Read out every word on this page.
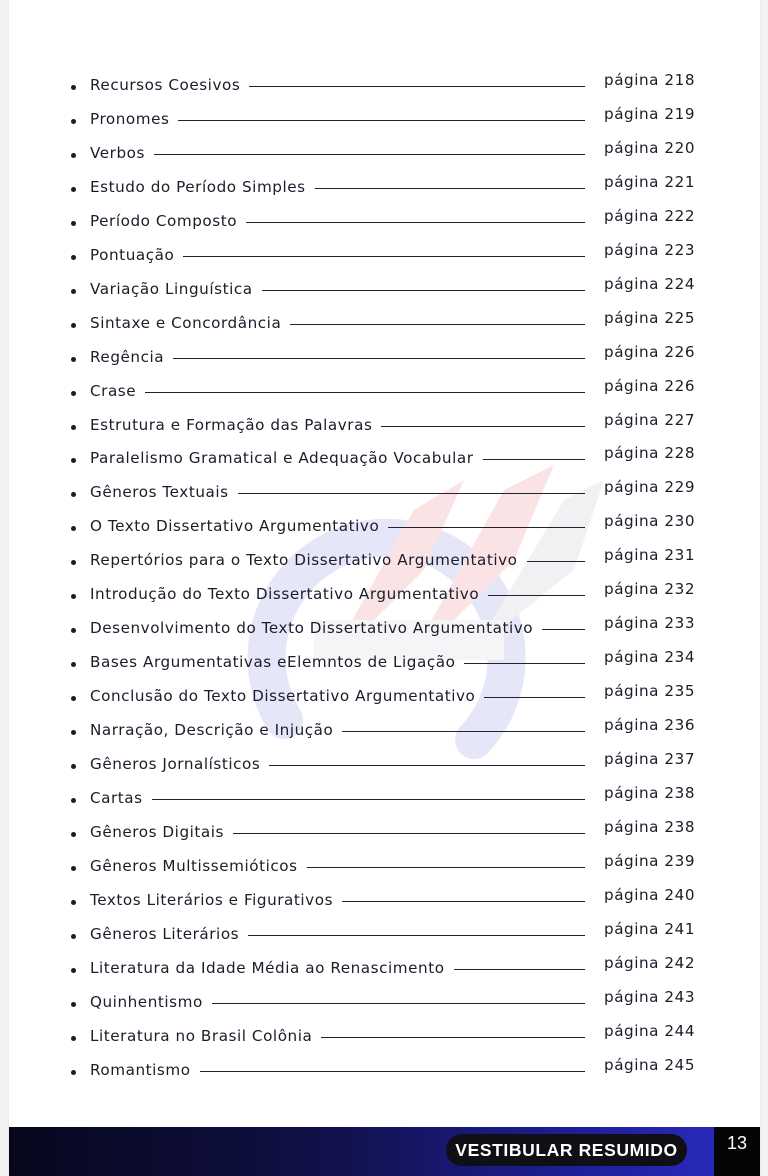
Recursos Coesivos	página 218
Pronomes	página 219
Verbos	página 220
Estudo do Período Simples	página 221
Período Composto	página 222
Pontuação	página 223
Variação Linguística	página 224
Sintaxe e Concordância	página 225
Regência	página 226
Crase	página 226
Estrutura e Formação das Palavras	página 227
Paralelismo Gramatical e Adequação Vocabular	página 228
Gêneros Textuais	página 229
O Texto Dissertativo Argumentativo	página 230
Repertórios para o Texto Dissertativo Argumentativo	página 231
Introdução do Texto Dissertativo Argumentativo	página 232
Desenvolvimento do Texto Dissertativo Argumentativo	página 233
Bases Argumentativas eElemntos de Ligação	página 234
Conclusão do Texto Dissertativo Argumentativo	página 235
Narração, Descrição e Injução	página 236
Gêneros Jornalísticos	página 237
Cartas	página 238
Gêneros Digitais	página 238
Gêneros Multissemióticos	página 239
Textos Literários e Figurativos	página 240
Gêneros Literários	página 241
Literatura da Idade Média ao Renascimento	página 242
Quinhentismo	página 243
Literatura no Brasil Colônia	página 244
Romantismo	página 245
VESTIBULAR RESUMIDO	13
